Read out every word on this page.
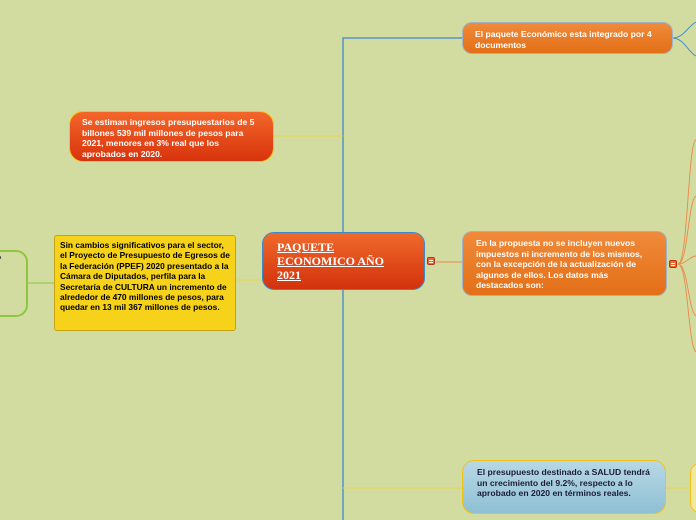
El paquete Económico esta integrado por 4 documentos
Se estiman ingresos presupuestarios de 5 billones 539 mil millones de pesos para 2021, menores en 3% real que los aprobados en 2020.
Sin cambios significativos para el sector, el Proyecto de Presupuesto de Egresos de la Federación (PPEF) 2020 presentado a la Cámara de Diputados, perfila para la Secretaría de CULTURA un incremento de alrededor de 470 millones de pesos, para quedar en 13 mil 367 millones de pesos.
PAQUETE ECONOMICO AÑO 2021
En la propuesta no se incluyen nuevos impuestos ni incremento de los mismos, con la excepción de la actualización de algunos de ellos. Los datos más destacados son:
El presupuesto destinado a SALUD tendrá un crecimiento del 9.2%, respecto a lo aprobado en 2020 en términos reales.
